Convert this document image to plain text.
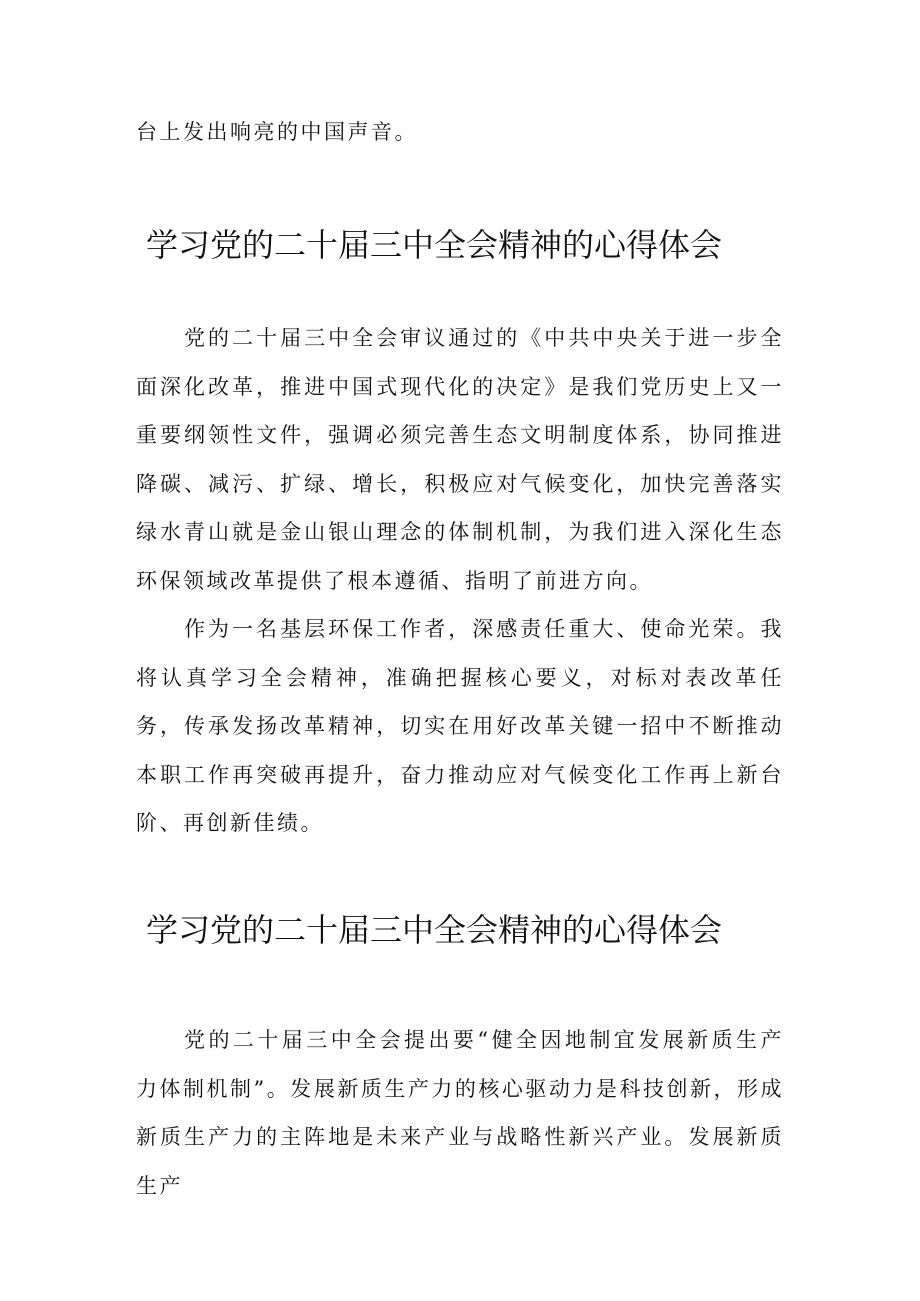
台上发出响亮的中国声音。

学习党的二十届三中全会精神的心得体会

党的二十届三中全会审议通过的《中共中央关于进一步全面深化改革，推进中国式现代化的决定》是我们党历史上又一重要纲领性文件，强调必须完善生态文明制度体系，协同推进降碳、减污、扩绿、增长，积极应对气候变化，加快完善落实绿水青山就是金山银山理念的体制机制，为我们进入深化生态环保领域改革提供了根本遵循、指明了前进方向。

作为一名基层环保工作者，深感责任重大、使命光荣。我将认真学习全会精神，准确把握核心要义，对标对表改革任务，传承发扬改革精神，切实在用好改革关键一招中不断推动本职工作再突破再提升，奋力推动应对气候变化工作再上新台阶、再创新佳绩。

学习党的二十届三中全会精神的心得体会

党的二十届三中全会提出要“健全因地制宜发展新质生产力体制机制”。发展新质生产力的核心驱动力是科技创新，形成新质生产力的主阵地是未来产业与战略性新兴产业。发展新质生产
